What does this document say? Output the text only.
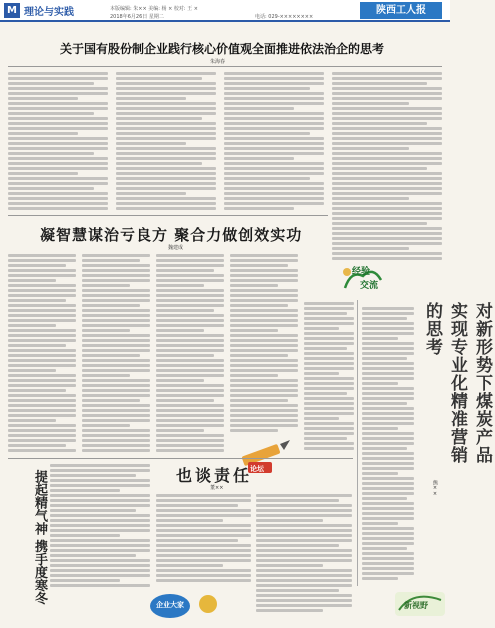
M 理论与实践	本版编辑: 朱×× 美编: 杨 × 校对: 王 ×
2018年6月26日 星期二	电话: 029-××××××××
陕西工人报
关于国有股份制企业践行核心价值观全面推进依法治企的思考
朱海春
经验
交流
凝智慧谋治亏良方 聚合力做创效实功
魏建成
对新形势下煤炭产品实现专业化精准营销的思考
熊××
论坛
提起精气神 携手度寒冬	也谈责任
董××
企业大家	新视野
